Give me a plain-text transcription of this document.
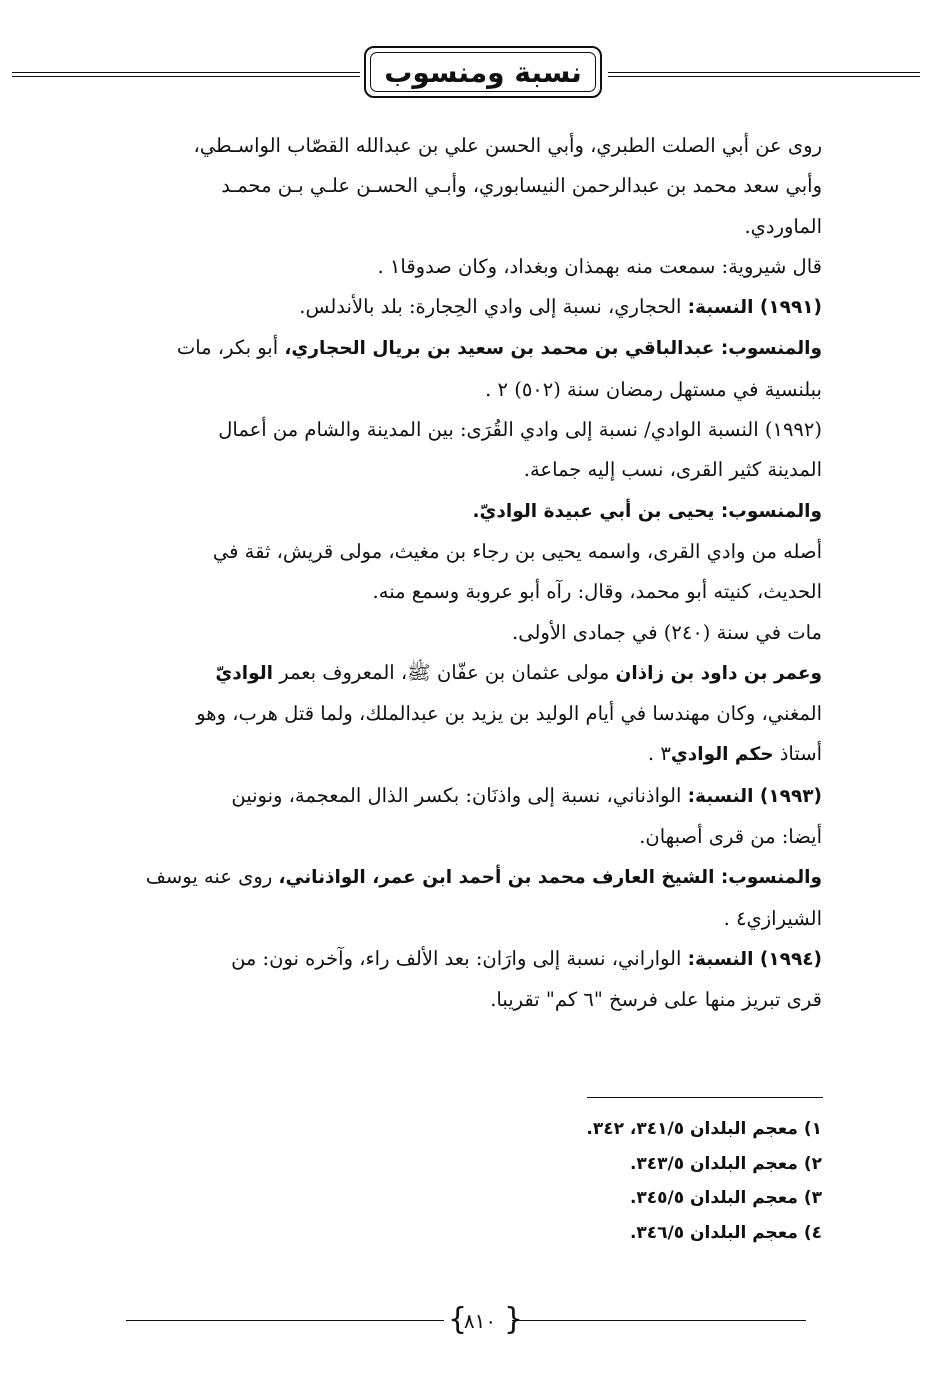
نسبة ومنسوب

روى عن أبي الصلت الطبري، وأبي الحسن علي بن عبدالله القصّاب الواسـطي،

وأبي سعد محمد بن عبدالرحمن النيسابوري، وأبـي الحسـن علـي بـن محمـد

الماوردي.

قال شيروية: سمعت منه بهمذان وبغداد، وكان صدوقا١ .

(١٩٩١) النسبة: الحجاري، نسبة إلى وادي الحِجارة: بلد بالأندلس.

والمنسوب: عبدالباقي بن محمد بن سعيد بن بريال الحجاري، أبو بكر، مات

ببلنسية في مستهل رمضان سنة (٥٠٢) ٢ .

(١٩٩٢) النسبة الوادي/ نسبة إلى وادي القُرَى: بين المدينة والشام من أعمال

المدينة كثير القرى، نسب إليه جماعة.

والمنسوب: يحيى بن أبي عبيدة الواديّ.

أصله من وادي القرى، واسمه يحيى بن رجاء بن مغيث، مولى قريش، ثقة في

الحديث، كنيته أبو محمد، وقال: رآه أبو عروبة وسمع منه.

مات في سنة (٢٤٠) في جمادى الأولى.

وعمر بن داود بن زاذان مولى عثمان بن عفّان ﷺ، المعروف بعمر الواديّ

المغني، وكان مهندسا في أيام الوليد بن يزيد بن عبدالملك، ولما قتل هرب، وهو

أستاذ حكم الوادي٣ .

(١٩٩٣) النسبة: الواذناني، نسبة إلى واذنَان: بكسر الذال المعجمة، ونونين

أيضا: من قرى أصبهان.

والمنسوب: الشيخ العارف محمد بن أحمد ابن عمر، الواذناني، روى عنه يوسف

الشيرازي٤ .

(١٩٩٤) النسبة: الواراني، نسبة إلى وارَان: بعد الألف راء، وآخره نون: من

قرى تبريز منها على فرسخ "٦ كم" تقريبا.

١) معجم البلدان ٣٤١/٥، ٣٤٢.
٢) معجم البلدان ٣٤٣/٥.
٣) معجم البلدان ٣٤٥/٥.
٤) معجم البلدان ٣٤٦/٥.
{
٨١٠ }
